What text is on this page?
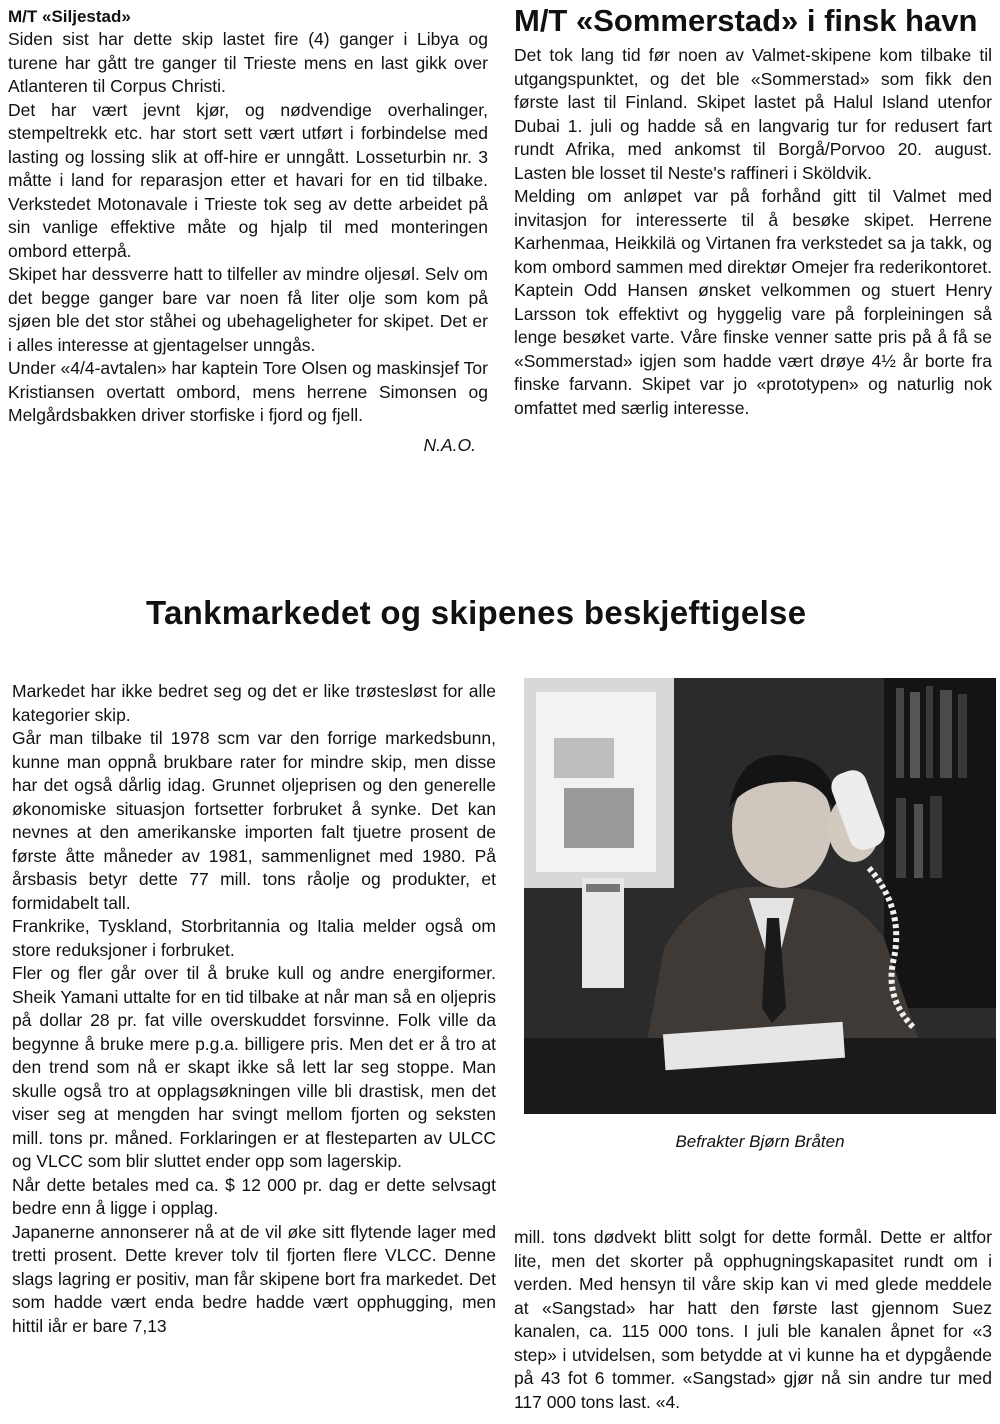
M/T «Siljestad»

Siden sist har dette skip lastet fire (4) ganger i Libya og turene har gått tre ganger til Trieste mens en last gikk over Atlanteren til Corpus Christi.

Det har vært jevnt kjør, og nødvendige overhalinger, stempeltrekk etc. har stort sett vært utført i forbindelse med lasting og lossing slik at off-hire er unngått. Losseturbin nr. 3 måtte i land for reparasjon etter et havari for en tid tilbake. Verkstedet Motonavale i Trieste tok seg av dette arbeidet på sin vanlige effektive måte og hjalp til med monteringen ombord etterpå.

Skipet har dessverre hatt to tilfeller av mindre oljesøl. Selv om det begge ganger bare var noen få liter olje som kom på sjøen ble det stor ståhei og ubehageligheter for skipet. Det er i alles interesse at gjentagelser unngås.

Under «4/4-avtalen» har kaptein Tore Olsen og maskinsjef Tor Kristiansen overtatt ombord, mens herrene Simonsen og Melgårdsbakken driver storfiske i fjord og fjell.

N.A.O.

M/T «Sommerstad» i finsk havn

Det tok lang tid før noen av Valmet-skipene kom tilbake til utgangspunktet, og det ble «Sommerstad» som fikk den første last til Finland. Skipet lastet på Halul Island utenfor Dubai 1. juli og hadde så en langvarig tur for redusert fart rundt Afrika, med ankomst til Borgå/Porvoo 20. august. Lasten ble losset til Neste's raffineri i Sköldvik.

Melding om anløpet var på forhånd gitt til Valmet med invitasjon for interesserte til å besøke skipet. Herrene Karhenmaa, Heikkilä og Virtanen fra verkstedet sa ja takk, og kom ombord sammen med direktør Omejer fra rederikontoret. Kaptein Odd Hansen ønsket velkommen og stuert Henry Larsson tok effektivt og hyggelig vare på forpleiningen så lenge besøket varte. Våre finske venner satte pris på å få se «Sommerstad» igjen som hadde vært drøye 4½ år borte fra finske farvann. Skipet var jo «prototypen» og naturlig nok omfattet med særlig interesse.

Tankmarkedet og skipenes beskjeftigelse

Markedet har ikke bedret seg og det er like trøstesløst for alle kategorier skip.

Går man tilbake til 1978 scm var den forrige markedsbunn, kunne man oppnå brukbare rater for mindre skip, men disse har det også dårlig idag. Grunnet oljeprisen og den generelle økonomiske situasjon fortsetter forbruket å synke. Det kan nevnes at den amerikanske importen falt tjuetre prosent de første åtte måneder av 1981, sammenlignet med 1980. På årsbasis betyr dette 77 mill. tons råolje og produkter, et formidabelt tall.

Frankrike, Tyskland, Storbritannia og Italia melder også om store reduksjoner i forbruket.

Fler og fler går over til å bruke kull og andre energiformer. Sheik Yamani uttalte for en tid tilbake at når man så en oljepris på dollar 28 pr. fat ville overskuddet forsvinne. Folk ville da begynne å bruke mere p.g.a. billigere pris. Men det er å tro at den trend som nå er skapt ikke så lett lar seg stoppe. Man skulle også tro at opplagsøkningen ville bli drastisk, men det viser seg at mengden har svingt mellom fjorten og seksten mill. tons pr. måned. Forklaringen er at flesteparten av ULCC og VLCC som blir sluttet ender opp som lagerskip.

Når dette betales med ca. $ 12 000 pr. dag er dette selvsagt bedre enn å ligge i opplag.

Japanerne annonserer nå at de vil øke sitt flytende lager med tretti prosent. Dette krever tolv til fjorten flere VLCC. Denne slags lagring er positiv, man får skipene bort fra markedet. Det som hadde vært enda bedre hadde vært opphugging, men hittil iår er bare 7,13

Befrakter Bjørn Bråten

mill. tons dødvekt blitt solgt for dette formål. Dette er altfor lite, men det skorter på opphugningskapasitet rundt om i verden. Med hensyn til våre skip kan vi med glede meddele at «Sangstad» har hatt den første last gjennom Suez kanalen, ca. 115 000 tons. I juli ble kanalen åpnet for «3 step» i utvidelsen, som betydde at vi kunne ha et dypgående på 43 fot 6 tommer. «Sangstad» gjør nå sin andre tur med 117 000 tons last. «4.
